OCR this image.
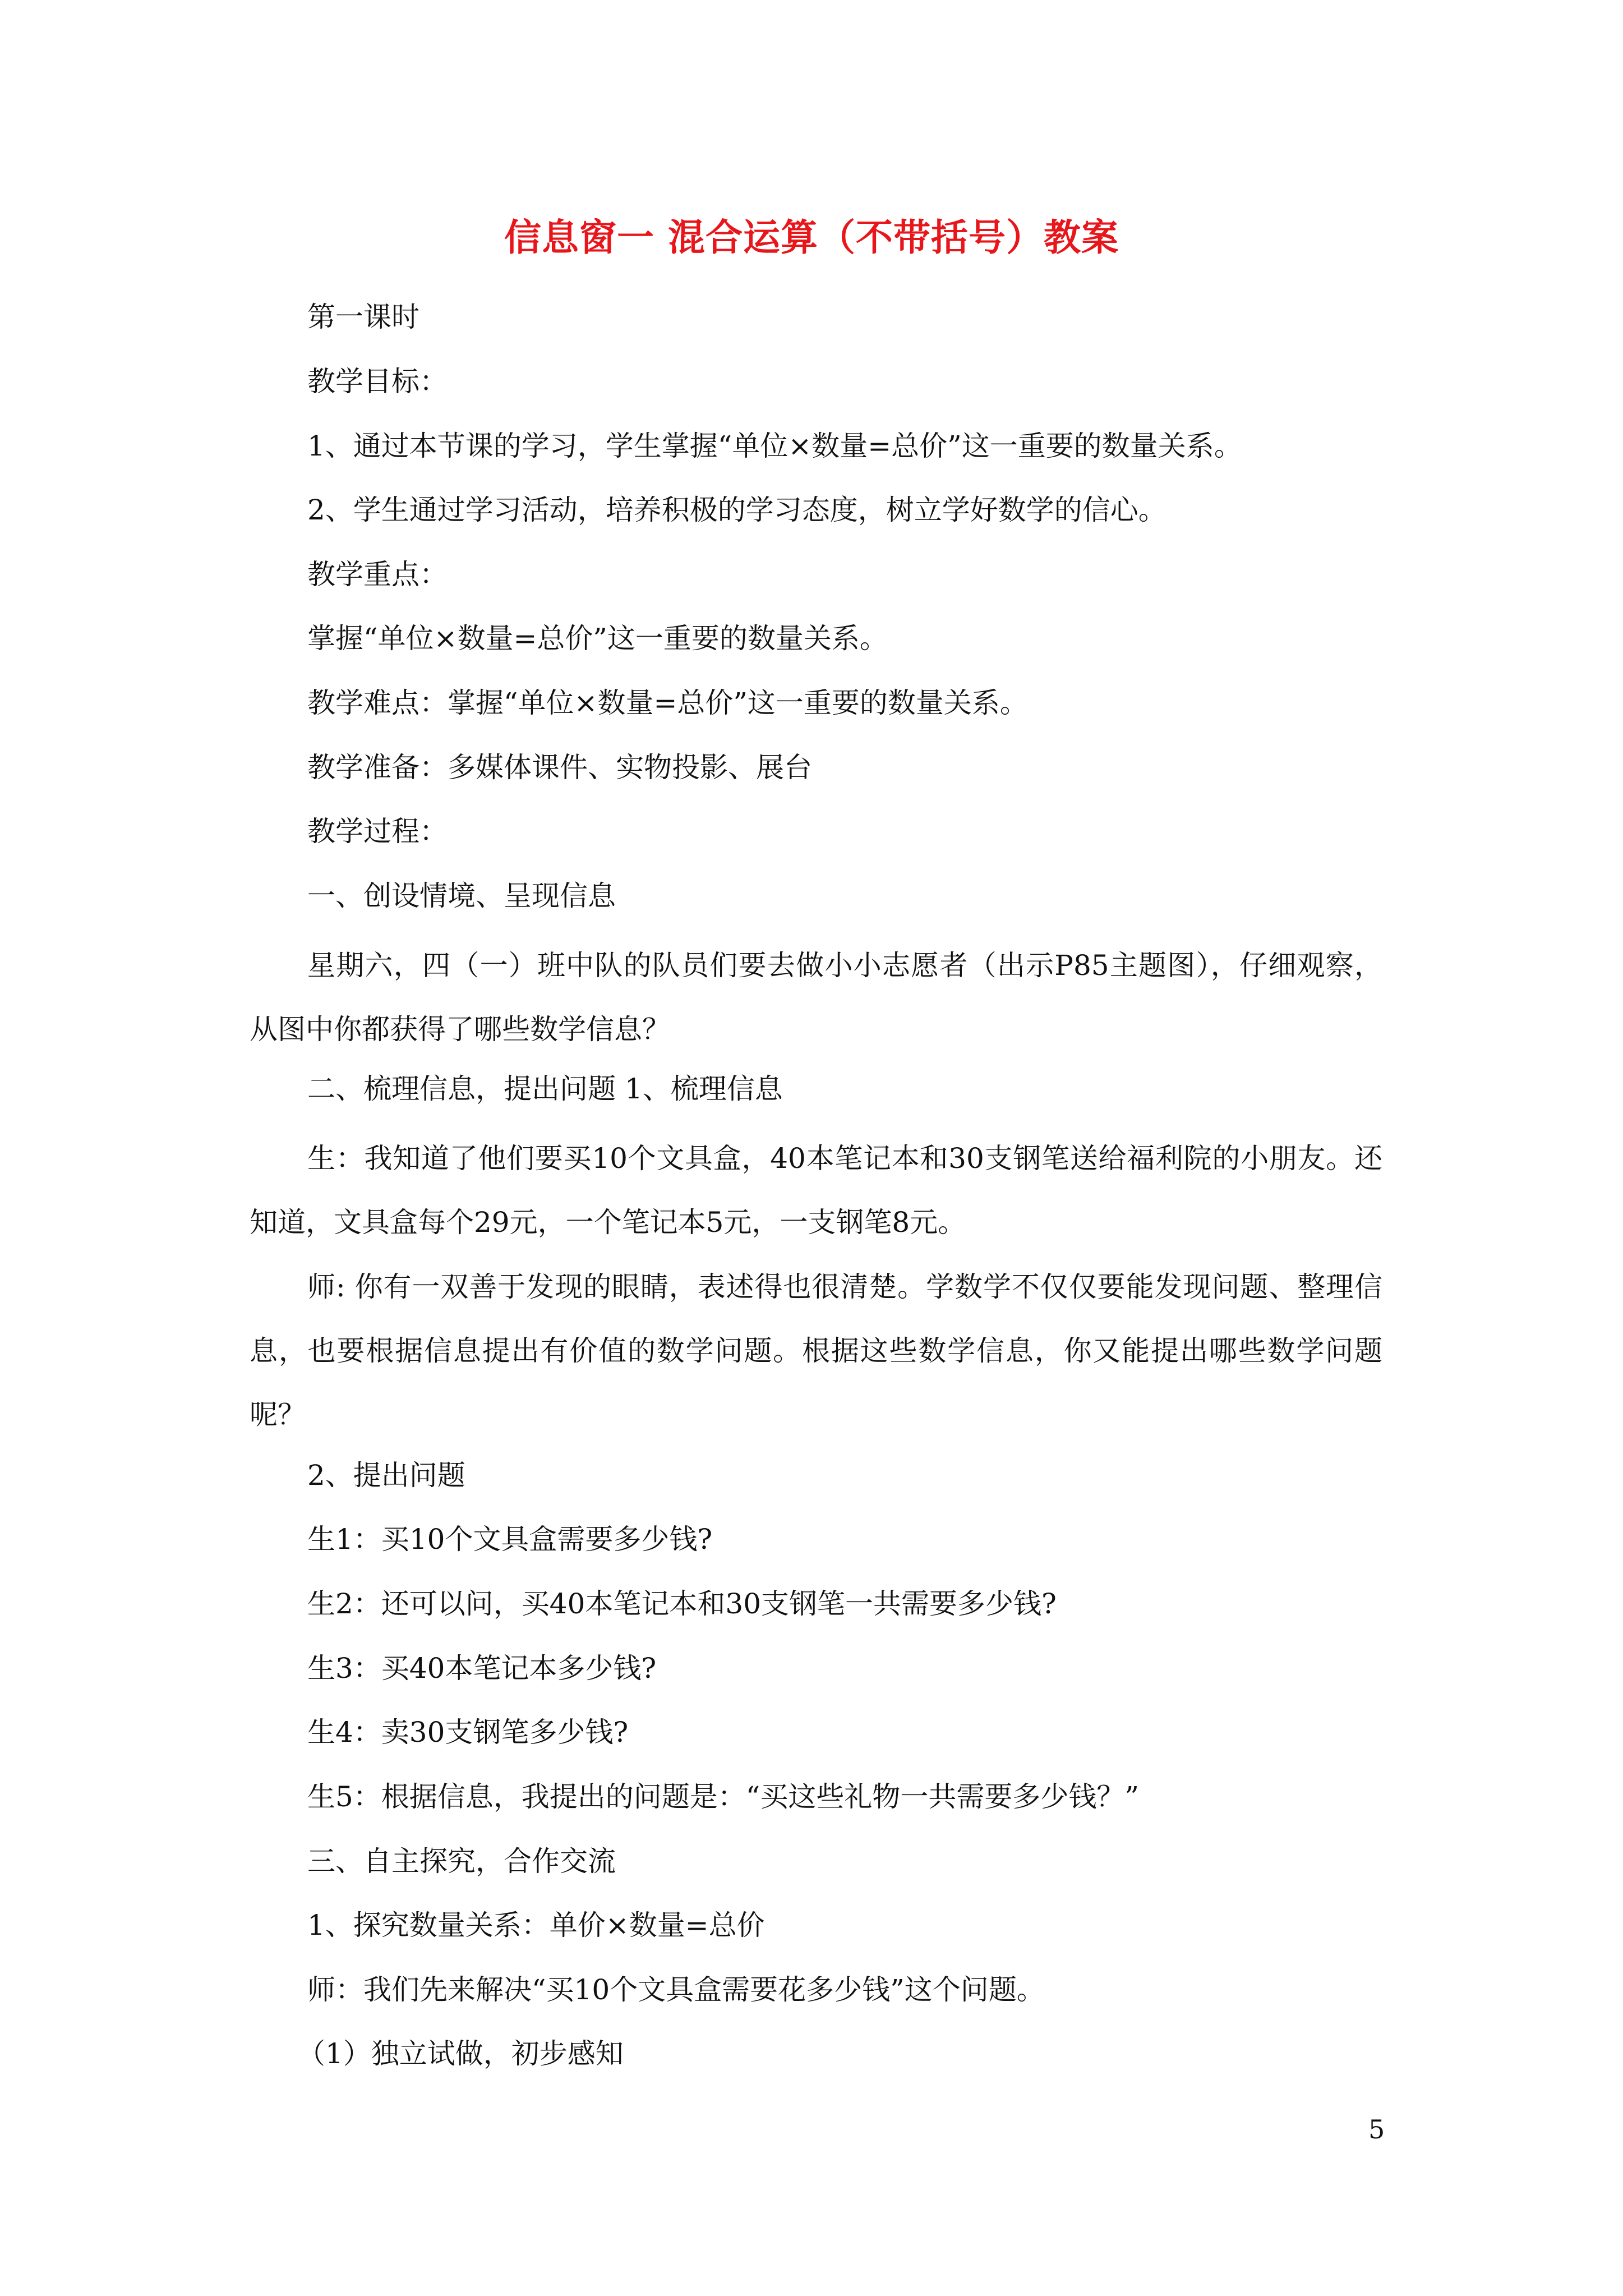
信息窗一 混合运算（不带括号）教案
第一课时
教学目标：
1、通过本节课的学习，学生掌握“单位×数量=总价”这一重要的数量关系。
2、学生通过学习活动，培养积极的学习态度，树立学好数学的信心。
教学重点：
掌握“单位×数量=总价”这一重要的数量关系。
教学难点：掌握“单位×数量=总价”这一重要的数量关系。
教学准备：多媒体课件、实物投影、展台
教学过程：
一、创设情境、呈现信息
星期六，四（一）班中队的队员们要去做小小志愿者（出示P85主题图），仔细观察，从图中你都获得了哪些数学信息？
二、梳理信息，提出问题 1、梳理信息
生：我知道了他们要买10个文具盒，40本笔记本和30支钢笔送给福利院的小朋友。还知道，文具盒每个29元，一个笔记本5元，一支钢笔8元。
师: 你有一双善于发现的眼睛，表述得也很清楚。学数学不仅仅要能发现问题、整理信息，也要根据信息提出有价值的数学问题。根据这些数学信息，你又能提出哪些数学问题呢？
2、提出问题
生1：买10个文具盒需要多少钱?
生2：还可以问，买40本笔记本和30支钢笔一共需要多少钱?
生3：买40本笔记本多少钱?
生4：卖30支钢笔多少钱?
生5：根据信息，我提出的问题是：“买这些礼物一共需要多少钱？”
三、自主探究，合作交流
1、探究数量关系：单价×数量=总价
师：我们先来解决“买10个文具盒需要花多少钱”这个问题。
（1）独立试做，初步感知
5
